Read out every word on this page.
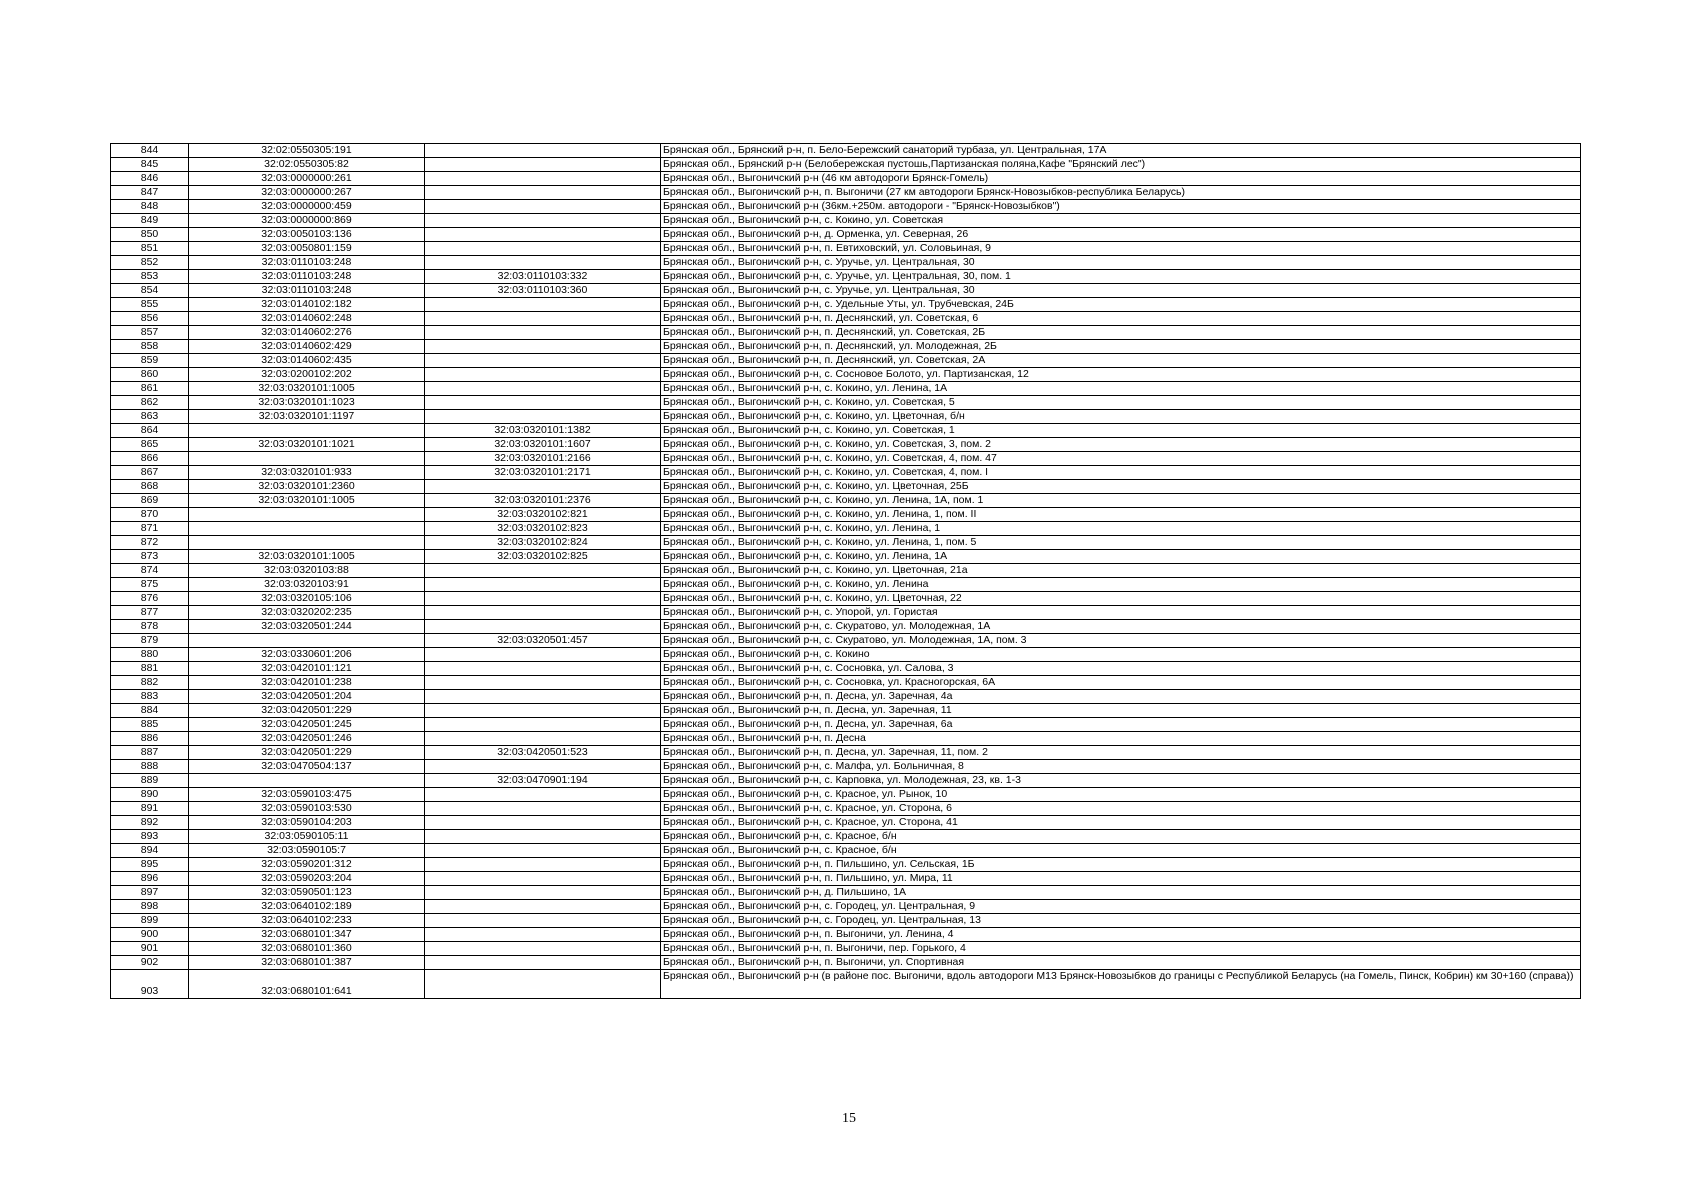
844	32:02:0550305:191		Брянская обл., Брянский р-н, п. Бело-Бережский санаторий турбаза, ул. Центральная, 17А
845	32:02:0550305:82		Брянская обл., Брянский р-н (Белобережская пустошь,Партизанская поляна,Кафе "Брянский лес")
846	32:03:0000000:261		Брянская обл., Выгоничский р-н (46 км автодороги Брянск-Гомель)
847	32:03:0000000:267		Брянская обл., Выгоничский р-н, п. Выгоничи (27 км автодороги Брянск-Новозыбков-республика Беларусь)
848	32:03:0000000:459		Брянская обл., Выгоничский р-н (36км.+250м. автодороги - "Брянск-Новозыбков")
849	32:03:0000000:869		Брянская обл., Выгоничский р-н, с. Кокино, ул. Советская
850	32:03:0050103:136		Брянская обл., Выгоничский р-н, д. Орменка, ул. Северная, 26
851	32:03:0050801:159		Брянская обл., Выгоничский р-н, п. Евтиховский, ул. Соловьиная, 9
852	32:03:0110103:248		Брянская обл., Выгоничский р-н, с. Уручье, ул. Центральная, 30
853	32:03:0110103:248	32:03:0110103:332	Брянская обл., Выгоничский р-н, с. Уручье, ул. Центральная, 30, пом. 1
854	32:03:0110103:248	32:03:0110103:360	Брянская обл., Выгоничский р-н, с. Уручье, ул. Центральная, 30
855	32:03:0140102:182		Брянская обл., Выгоничский р-н, с. Удельные Уты, ул. Трубчевская, 24Б
856	32:03:0140602:248		Брянская обл., Выгоничский р-н, п. Деснянский, ул. Советская, 6
857	32:03:0140602:276		Брянская обл., Выгоничский р-н, п. Деснянский, ул. Советская, 2Б
858	32:03:0140602:429		Брянская обл., Выгоничский р-н, п. Деснянский, ул. Молодежная, 2Б
859	32:03:0140602:435		Брянская обл., Выгоничский р-н, п. Деснянский, ул. Советская, 2А
860	32:03:0200102:202		Брянская обл., Выгоничский р-н, с. Сосновое Болото, ул. Партизанская, 12
861	32:03:0320101:1005		Брянская обл., Выгоничский р-н, с. Кокино, ул. Ленина, 1А
862	32:03:0320101:1023		Брянская обл., Выгоничский р-н, с. Кокино, ул. Советская, 5
863	32:03:0320101:1197		Брянская обл., Выгоничский р-н, с. Кокино, ул. Цветочная, б/н
864		32:03:0320101:1382	Брянская обл., Выгоничский р-н, с. Кокино, ул. Советская, 1
865	32:03:0320101:1021	32:03:0320101:1607	Брянская обл., Выгоничский р-н, с. Кокино, ул. Советская, 3, пом. 2
866		32:03:0320101:2166	Брянская обл., Выгоничский р-н, с. Кокино, ул. Советская, 4, пом. 47
867	32:03:0320101:933	32:03:0320101:2171	Брянская обл., Выгоничский р-н, с. Кокино, ул. Советская, 4, пом. I
868	32:03:0320101:2360		Брянская обл., Выгоничский р-н, с. Кокино, ул. Цветочная, 25Б
869	32:03:0320101:1005	32:03:0320101:2376	Брянская обл., Выгоничский р-н, с. Кокино, ул. Ленина, 1А, пом. 1
870		32:03:0320102:821	Брянская обл., Выгоничский р-н, с. Кокино, ул. Ленина, 1, пом. II
871		32:03:0320102:823	Брянская обл., Выгоничский р-н, с. Кокино, ул. Ленина, 1
872		32:03:0320102:824	Брянская обл., Выгоничский р-н, с. Кокино, ул. Ленина, 1, пом. 5
873	32:03:0320101:1005	32:03:0320102:825	Брянская обл., Выгоничский р-н, с. Кокино, ул. Ленина, 1А
874	32:03:0320103:88		Брянская обл., Выгоничский р-н, с. Кокино, ул. Цветочная, 21а
875	32:03:0320103:91		Брянская обл., Выгоничский р-н, с. Кокино, ул. Ленина
876	32:03:0320105:106		Брянская обл., Выгоничский р-н, с. Кокино, ул. Цветочная, 22
877	32:03:0320202:235		Брянская обл., Выгоничский р-н, с. Упорой, ул. Гористая
878	32:03:0320501:244		Брянская обл., Выгоничский р-н, с. Скуратово, ул. Молодежная, 1А
879		32:03:0320501:457	Брянская обл., Выгоничский р-н, с. Скуратово, ул. Молодежная, 1А, пом. 3
880	32:03:0330601:206		Брянская обл., Выгоничский р-н, с. Кокино
881	32:03:0420101:121		Брянская обл., Выгоничский р-н, с. Сосновка, ул. Салова, 3
882	32:03:0420101:238		Брянская обл., Выгоничский р-н, с. Сосновка, ул. Красногорская, 6А
883	32:03:0420501:204		Брянская обл., Выгоничский р-н, п. Десна, ул. Заречная, 4а
884	32:03:0420501:229		Брянская обл., Выгоничский р-н, п. Десна, ул. Заречная, 11
885	32:03:0420501:245		Брянская обл., Выгоничский р-н, п. Десна, ул. Заречная, 6а
886	32:03:0420501:246		Брянская обл., Выгоничский р-н, п. Десна
887	32:03:0420501:229	32:03:0420501:523	Брянская обл., Выгоничский р-н, п. Десна, ул. Заречная, 11, пом. 2
888	32:03:0470504:137		Брянская обл., Выгоничский р-н, с. Малфа, ул. Больничная, 8
889		32:03:0470901:194	Брянская обл., Выгоничский р-н, с. Карповка, ул. Молодежная, 23, кв. 1-3
890	32:03:0590103:475		Брянская обл., Выгоничский р-н, с. Красное, ул. Рынок, 10
891	32:03:0590103:530		Брянская обл., Выгоничский р-н, с. Красное, ул. Сторона, 6
892	32:03:0590104:203		Брянская обл., Выгоничский р-н, с. Красное, ул. Сторона, 41
893	32:03:0590105:11		Брянская обл., Выгоничский р-н, с. Красное, б/н
894	32:03:0590105:7		Брянская обл., Выгоничский р-н, с. Красное, б/н
895	32:03:0590201:312		Брянская обл., Выгоничский р-н, п. Пильшино, ул. Сельская, 1Б
896	32:03:0590203:204		Брянская обл., Выгоничский р-н, п. Пильшино, ул. Мира, 11
897	32:03:0590501:123		Брянская обл., Выгоничский р-н, д. Пильшино, 1А
898	32:03:0640102:189		Брянская обл., Выгоничский р-н, с. Городец, ул. Центральная, 9
899	32:03:0640102:233		Брянская обл., Выгоничский р-н, с. Городец, ул. Центральная, 13
900	32:03:0680101:347		Брянская обл., Выгоничский р-н, п. Выгоничи, ул. Ленина, 4
901	32:03:0680101:360		Брянская обл., Выгоничский р-н, п. Выгоничи, пер. Горького, 4
902	32:03:0680101:387		Брянская обл., Выгоничский р-н, п. Выгоничи, ул. Спортивная
903	32:03:0680101:641		Брянская обл., Выгоничский р-н (в районе пос. Выгоничи, вдоль автодороги М13 Брянск-Новозыбков до границы с Республикой Беларусь (на Гомель, Пинск, Кобрин) км 30+160 (справа))
15
